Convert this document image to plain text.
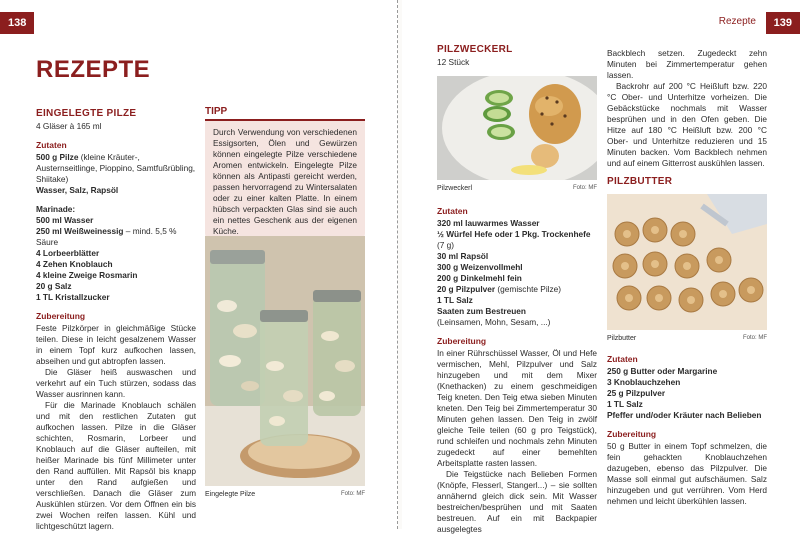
138
REZEPTE
EINGELEGTE PILZE

4 Gläser à 165 ml

Zutaten

500 g Pilze (kleine Kräuter-, Austernseitlinge, Pioppino, Samtfußrübling, Shiitake)

Wasser, Salz, Rapsöl

Marinade:

500 ml Wasser

250 ml Weißweinessig – mind. 5,5 % Säure

4 Lorbeerblätter

4 Zehen Knoblauch

4 kleine Zweige Rosmarin

20 g Salz

1 TL Kristallzucker

Zubereitung

Feste Pilzkörper in gleichmäßige Stücke teilen. Diese in leicht gesalzenem Wasser in einem Topf kurz aufkochen lassen, abseihen und gut abtropfen lassen.

Die Gläser heiß auswaschen und verkehrt auf ein Tuch stürzen, sodass das Wasser ausrinnen kann.

Für die Marinade Knoblauch schälen und mit den restlichen Zutaten gut aufkochen lassen. Pilze in die Gläser schichten, Rosmarin, Lorbeer und Knoblauch auf die Gläser aufteilen, mit heißer Marinade bis fünf Millimeter unter den Rand auffüllen. Mit Rapsöl bis knapp unter den Rand aufgießen und verschließen. Danach die Gläser zum Auskühlen stürzen. Vor dem Öffnen ein bis zwei Wochen reifen lassen. Kühl und lichtgeschützt lagern.

TIPP
Durch Verwendung von verschiedenen Essigsorten, Ölen und Gewürzen können eingelegte Pilze verschiedene Aromen entwickeln. Eingelegte Pilze können als Antipasti gereicht werden, passen hervorragend zu Wintersalaten oder zu einer kalten Platte. In einem hübsch verpackten Glas sind sie auch ein nettes Geschenk aus der eigenen Küche.
Eingelegte Pilze	Foto: MF
Rezepte	139
PILZWECKERL

12 Stück

Pilzweckerl	Foto: MF
Zutaten

320 ml lauwarmes Wasser

½ Würfel Hefe oder 1 Pkg. Trockenhefe

(7 g)

30 ml Rapsöl

300 g Weizenvollmehl

200 g Dinkelmehl fein

20 g Pilzpulver (gemischte Pilze)

1 TL Salz

Saaten zum Bestreuen

(Leinsamen, Mohn, Sesam, ...)

Zubereitung

In einer Rührschüssel Wasser, Öl und Hefe vermischen, Mehl, Pilzpulver und Salz hinzugeben und mit dem Mixer (Knethacken) zu einem geschmeidigen Teig kneten. Den Teig etwa sieben Minuten kneten. Den Teig bei Zimmertemperatur 30 Minuten gehen lassen. Den Teig in zwölf gleiche Teile teilen (60 g pro Teigstück), rund schleifen und nochmals zehn Minuten zugedeckt auf einer bemehlten Arbeitsplatte rasten lassen.

Die Teigstücke nach Belieben Formen (Knöpfe, Flesserl, Stangerl...) – sie sollten annähernd gleich dick sein. Mit Wasser bestreichen/besprühen und mit Saaten bestreuen. Auf ein mit Backpapier ausgelegtes

Backblech setzen. Zugedeckt zehn Minuten bei Zimmertemperatur gehen lassen.

Backrohr auf 200 °C Heißluft bzw. 220 °C Ober- und Unterhitze vorheizen. Die Gebäckstücke nochmals mit Wasser besprühen und in den Ofen geben. Die Hitze auf 180 °C Heißluft bzw. 200 °C Ober- und Unterhitze reduzieren und 15 Minuten backen. Vom Backblech nehmen und auf einem Gitterrost auskühlen lassen.

PILZBUTTER
Pilzbutter	Foto: MF
Zutaten

250 g Butter oder Margarine

3 Knoblauchzehen

25 g Pilzpulver

1 TL Salz

Pfeffer und/oder Kräuter nach Belieben

Zubereitung

50 g Butter in einem Topf schmelzen, die fein gehackten Knoblauchzehen dazugeben, ebenso das Pilzpulver. Die Masse soll einmal gut aufschäumen. Salz hinzugeben und gut verrühren. Vom Herd nehmen und leicht überkühlen lassen.
